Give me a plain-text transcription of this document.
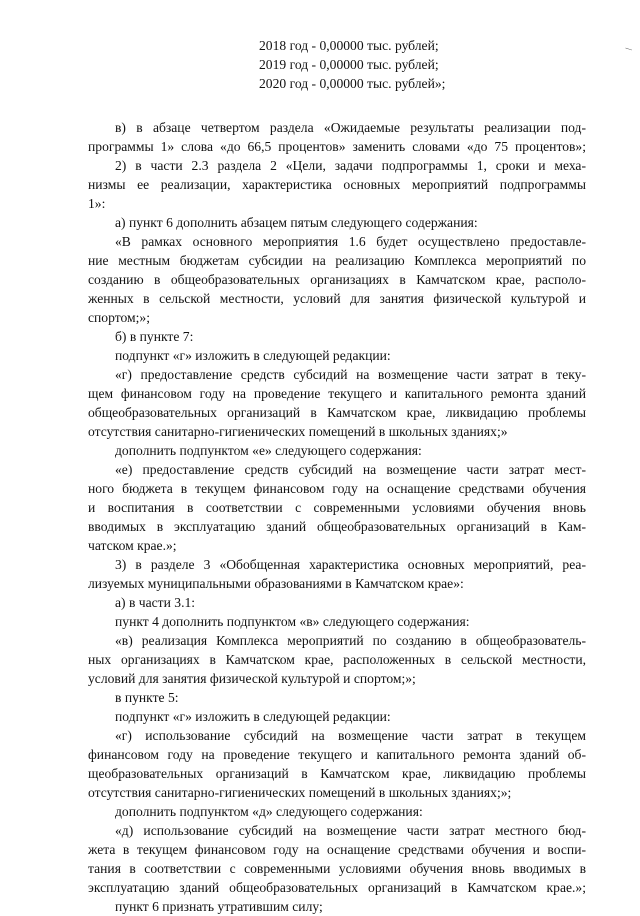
/
2018 год - 0,00000 тыс. рублей;
2019 год - 0,00000 тыс. рублей;
2020 год - 0,00000 тыс. рублей»;
в) в абзаце четвертом раздела «Ожидаемые результаты реализации под-
программы 1» слова «до 66,5 процентов» заменить словами «до 75 процентов»;
2) в части 2.3 раздела 2 «Цели, задачи подпрограммы 1, сроки и меха-
низмы ее реализации, характеристика основных мероприятий подпрограммы
1»:
а) пункт 6 дополнить абзацем пятым следующего содержания:
«В рамках основного мероприятия 1.6 будет осуществлено предоставле-
ние местным бюджетам субсидии на реализацию Комплекса мероприятий по
созданию в общеобразовательных организациях в Камчатском крае, располо-
женных в сельской местности, условий для занятия физической культурой и
спортом;»;
б) в пункте 7:
подпункт «г» изложить в следующей редакции:
«г) предоставление средств субсидий на возмещение части затрат в теку-
щем финансовом году на проведение текущего и капитального ремонта зданий
общеобразовательных организаций в Камчатском крае, ликвидацию проблемы
отсутствия санитарно-гигиенических помещений в школьных зданиях;»
дополнить подпунктом «е» следующего содержания:
«е) предоставление средств субсидий на возмещение части затрат мест-
ного бюджета в текущем финансовом году на оснащение средствами обучения
и воспитания в соответствии с современными условиями обучения вновь
вводимых в эксплуатацию зданий общеобразовательных организаций в Кам-
чатском крае.»;
3) в разделе 3 «Обобщенная характеристика основных мероприятий, реа-
лизуемых муниципальными образованиями в Камчатском крае»:
а) в части 3.1:
пункт 4 дополнить подпунктом «в» следующего содержания:
«в) реализация Комплекса мероприятий по созданию в общеобразователь-
ных организациях в Камчатском крае, расположенных в сельской местности,
условий для занятия физической культурой и спортом;»;
в пункте 5:
подпункт «г» изложить в следующей редакции:
«г) использование субсидий на возмещение части затрат в текущем
финансовом году на проведение текущего и капитального ремонта зданий об-
щеобразовательных организаций в Камчатском крае, ликвидацию проблемы
отсутствия санитарно-гигиенических помещений в школьных зданиях;»;
дополнить подпунктом «д» следующего содержания:
«д) использование субсидий на возмещение части затрат местного бюд-
жета в текущем финансовом году на оснащение средствами обучения и воспи-
тания в соответствии с современными условиями обучения вновь вводимых в
эксплуатацию зданий общеобразовательных организаций в Камчатском крае.»;
пункт 6 признать утратившим силу;
